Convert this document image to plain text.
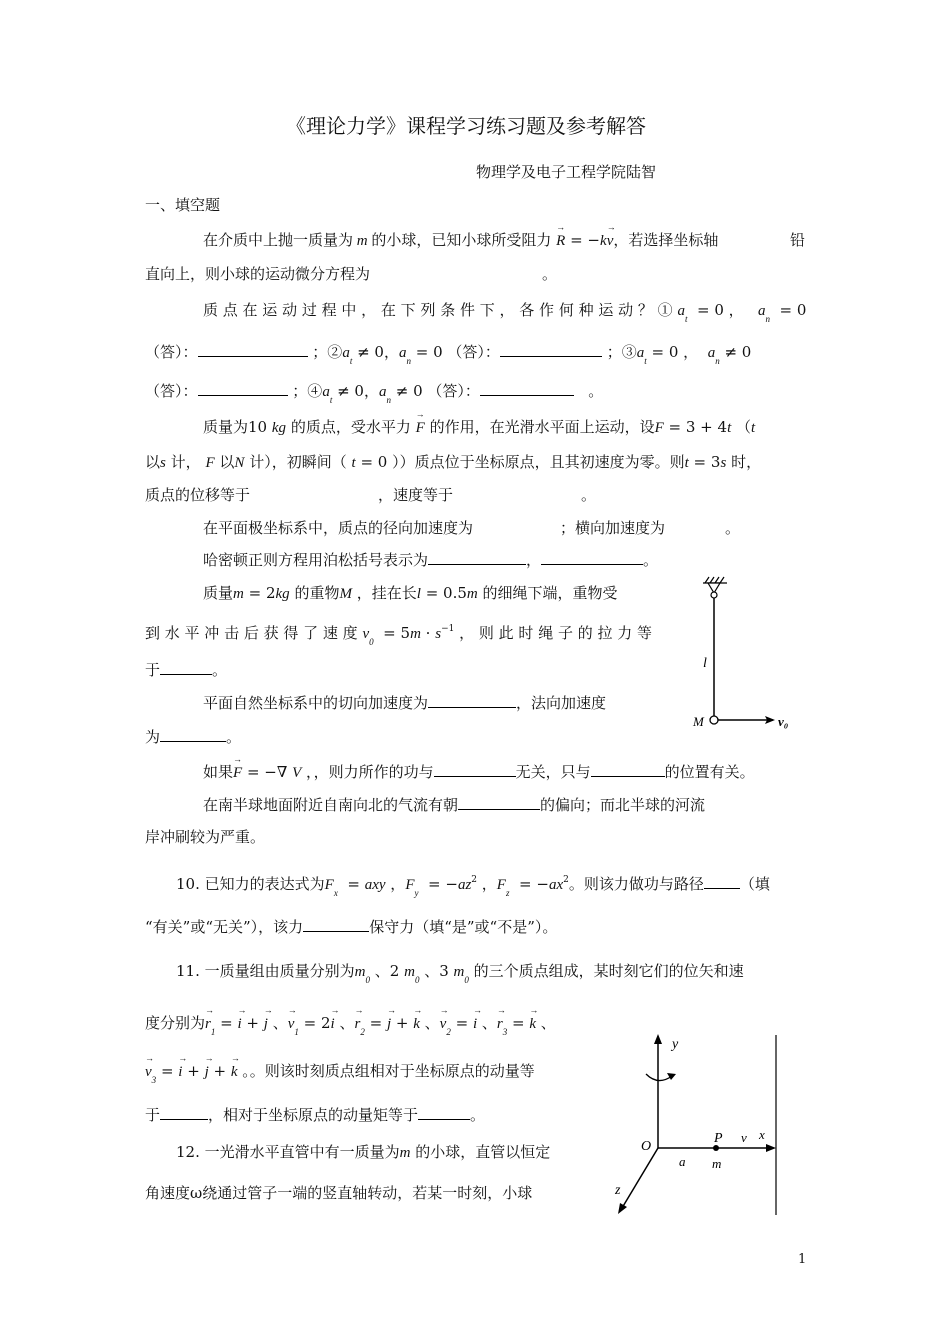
《理论力学》课程学习练习题及参考解答
物理学及电子工程学院陆智
一、填空题
在介质中上抛一质量为 m 的小球，已知小球所受阻力 → R = −k→ v，若选择坐标轴	铅
直向上，则小球的运动微分方程为	。
质 点 在 运 动 过 程 中 ， 在 下 列 条 件 下 ， 各 作 何 种 运 动 ？ ① $a_t = 0$ ，   $a_n = 0$
（答）：	；$②a_t \ne 0$，$a_n = 0$ （答）：	；$③a_t = 0$ ，  $a_n \ne 0$
（答）：	；$④a_t \ne 0$，$a_n \ne 0$ （答）：	。
质量为10 kg 的质点，受水平力 → F 的作用，在光滑水平面上运动，设F = 3 + 4t （t
以s 计， F 以N 计），初瞬间（ t = 0 ））质点位于坐标原点，且其初速度为零。则t = 3s 时，
质点的位移等于	，速度等于	。
在平面极坐标系中，质点的径向加速度为	；横向加速度为	。
哈密顿正则方程用泊松括号表示为	，	。
质量m = 2kg 的重物M ，挂在长l = 0.5m 的细绳下端，重物受
到 水 平 冲 击 后 获 得 了 速 度 $v_0 = 5m \cdot s^{-1}$ ， 则 此 时 绳 子 的 拉 力 等
于	。
平面自然坐标系中的切向加速度为	，法向加速度
为	。
如果→ F = −∇ V ，，则力所作的功与	无关，只与	的位置有关。
在南半球地面附近自南向北的气流有朝	的偏向；而北半球的河流
岸冲刷较为严重。
10. 已知力的表达式为$F_x$  = axy ，$F_y = -az^2$ ，$F_z = -ax^2$。则该力做功与路径 （填
“有关”或“无关”），该力	保守力（填“是”或“不是”）。
11. 一质量组由质量分别为$m_0$ 、2 $m_0$ 、3 $m_0$ 的三个质点组成，某时刻它们的位矢和速
度分别为→ $r_1$ = → i + → j 、→ $v_1 = 2\to i$ 、→ $r_2$ = → j + → k 、→ $v_2$ = → i 、→ $r_3$ = → k 、
→ $v_3$ = → i + → j + → k 。。则该时刻质点组相对于坐标原点的动量等
于	，相对于坐标原点的动量矩等于	。
12. 一光滑水平直管中有一质量为m 的小球，直管以恒定
角速度ω绕通过管子一端的竖直轴转动，若某一时刻，小球
l
M	v₀
y
O
P v x
a m
z
1
